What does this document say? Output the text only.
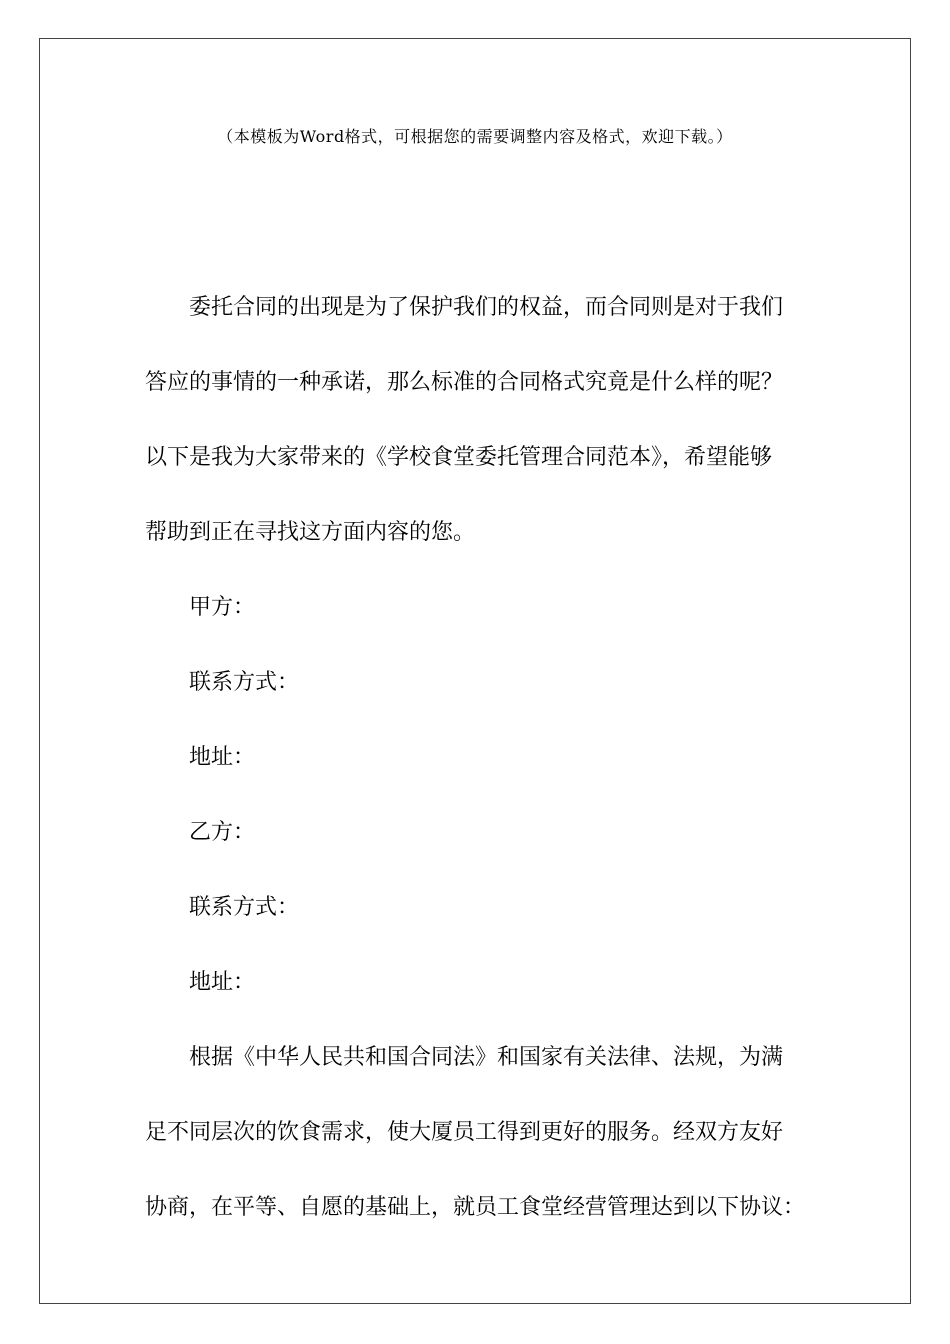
（本模板为Word格式，可根据您的需要调整内容及格式，欢迎下载。）

委托合同的出现是为了保护我们的权益，而合同则是对于我们

答应的事情的一种承诺，那么标准的合同格式究竟是什么样的呢？

以下是我为大家带来的《学校食堂委托管理合同范本》，希望能够

帮助到正在寻找这方面内容的您。

甲方：

联系方式：

地址：

乙方：

联系方式：

地址：

根据《中华人民共和国合同法》和国家有关法律、法规，为满

足不同层次的饮食需求，使大厦员工得到更好的服务。经双方友好

协商，在平等、自愿的基础上，就员工食堂经营管理达到以下协议：
